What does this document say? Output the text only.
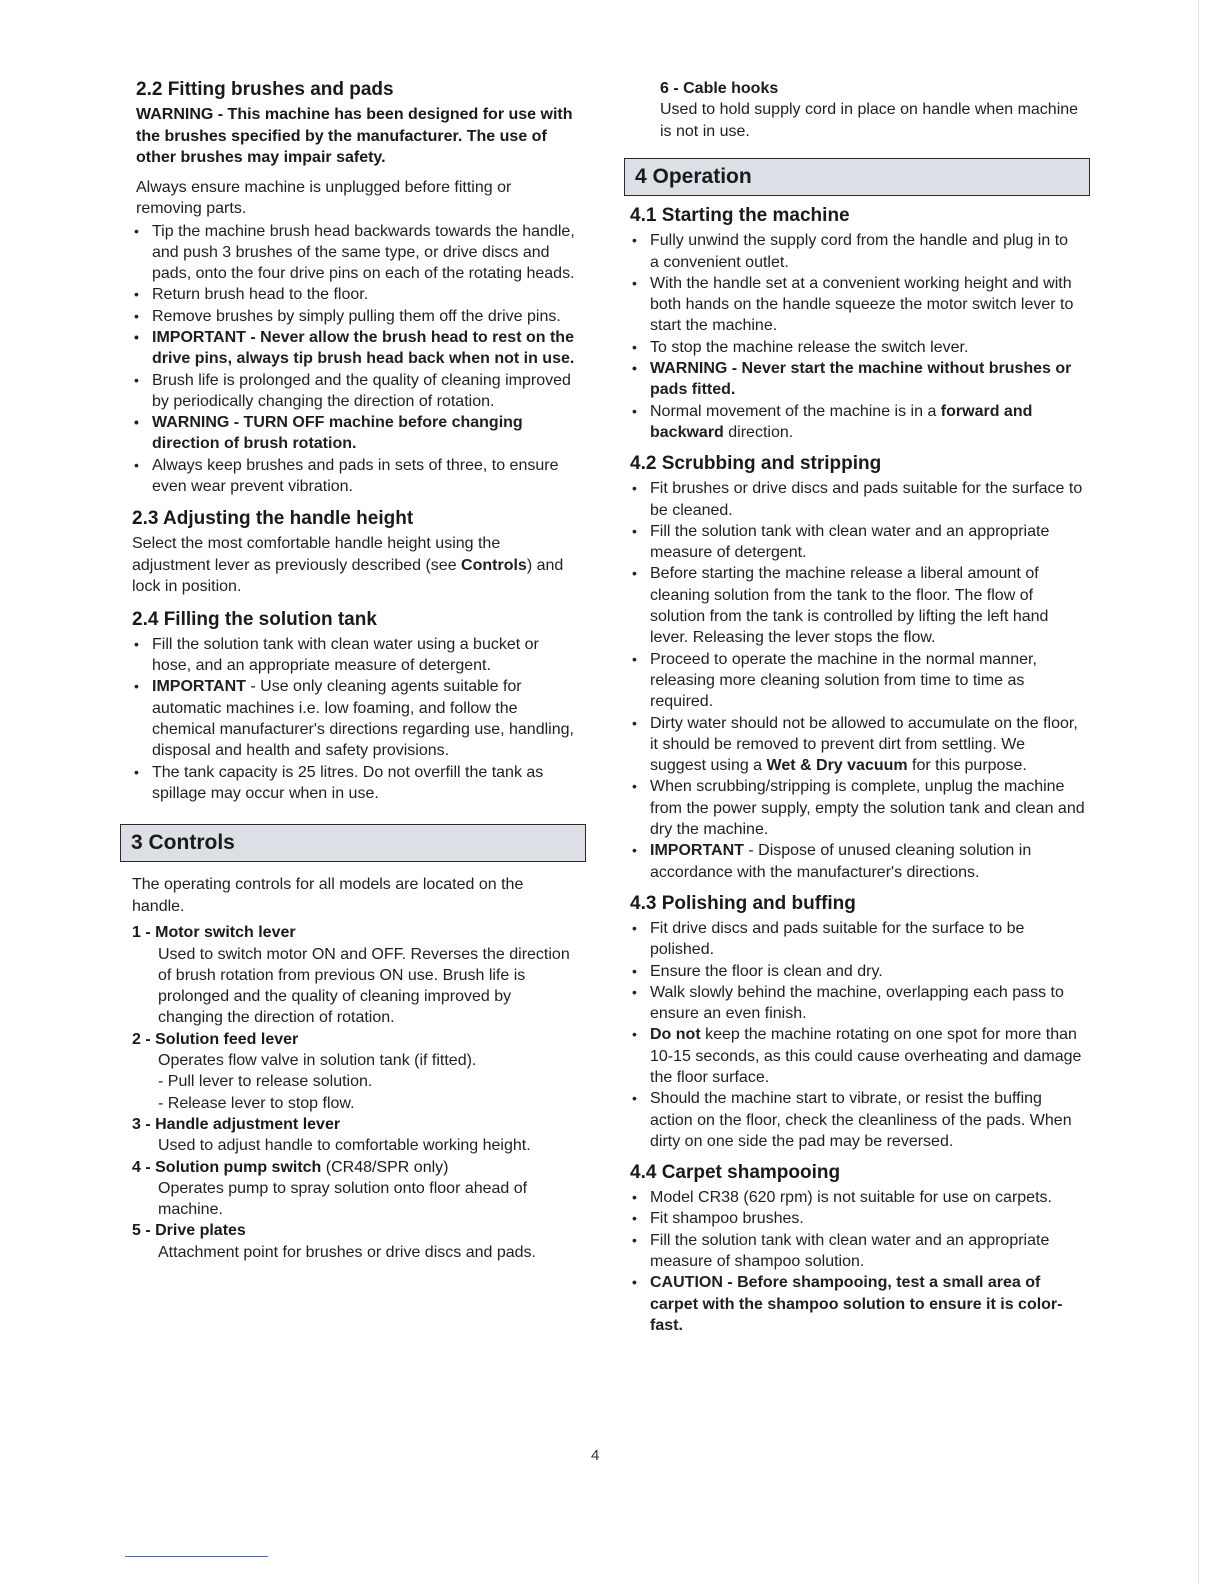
2.2 Fitting brushes and pads
WARNING - This machine has been designed for use with the brushes specified by the manufacturer. The use of other brushes may impair safety.
Always ensure machine is unplugged before fitting or removing parts.
• Tip the machine brush head backwards towards the handle, and push 3 brushes of the same type, or drive discs and pads, onto the four drive pins on each of the rotating heads.
• Return brush head to the floor.
• Remove brushes by simply pulling them off the drive pins.
• IMPORTANT - Never allow the brush head to rest on the drive pins, always tip brush head back when not in use.
• Brush life is prolonged and the quality of cleaning improved by periodically changing the direction of rotation.
• WARNING - TURN OFF machine before changing direction of brush rotation.
• Always keep brushes and pads in sets of three, to ensure even wear prevent vibration.
2.3 Adjusting the handle height
Select the most comfortable handle height using the adjustment lever as previously described (see Controls) and lock in position.
2.4 Filling the solution tank
• Fill the solution tank with clean water using a bucket or hose, and an appropriate measure of detergent.
• IMPORTANT - Use only cleaning agents suitable for automatic machines i.e. low foaming, and follow the chemical manufacturer's directions regarding use, handling, disposal and health and safety provisions.
• The tank capacity is 25 litres. Do not overfill the tank as spillage may occur when in use.
3 Controls
The operating controls for all models are located on the handle.
1 - Motor switch lever
Used to switch motor ON and OFF. Reverses the direction of brush rotation from previous ON use. Brush life is prolonged and the quality of cleaning improved by changing the direction of rotation.
2 - Solution feed lever
Operates flow valve in solution tank (if fitted).
- Pull lever to release solution.
- Release lever to stop flow.
3 - Handle adjustment lever
Used to adjust handle to comfortable working height.
4 - Solution pump switch (CR48/SPR only)
Operates pump to spray solution onto floor ahead of machine.
5 - Drive plates
Attachment point for brushes or drive discs and pads.
6 - Cable hooks
Used to hold supply cord in place on handle when machine is not in use.
4 Operation
4.1 Starting the machine
• Fully unwind the supply cord from the handle and plug in to a convenient outlet.
• With the handle set at a convenient working height and with both hands on the handle squeeze the motor switch lever to start the machine.
• To stop the machine release the switch lever.
• WARNING - Never start the machine without brushes or pads fitted.
• Normal movement of the machine is in a forward and backward direction.
4.2 Scrubbing and stripping
• Fit brushes or drive discs and pads suitable for the surface to be cleaned.
• Fill the solution tank with clean water and an appropriate measure of detergent.
• Before starting the machine release a liberal amount of cleaning solution from the tank to the floor. The flow of solution from the tank is controlled by lifting the left hand lever. Releasing the lever stops the flow.
• Proceed to operate the machine in the normal manner, releasing more cleaning solution from time to time as required.
• Dirty water should not be allowed to accumulate on the floor, it should be removed to prevent dirt from settling. We suggest using a Wet & Dry vacuum for this purpose.
• When scrubbing/stripping is complete, unplug the machine from the power supply, empty the solution tank and clean and dry the machine.
• IMPORTANT - Dispose of unused cleaning solution in accordance with the manufacturer's directions.
4.3 Polishing and buffing
• Fit drive discs and pads suitable for the surface to be polished.
• Ensure the floor is clean and dry.
• Walk slowly behind the machine, overlapping each pass to ensure an even finish.
• Do not keep the machine rotating on one spot for more than 10-15 seconds, as this could cause overheating and damage the floor surface.
• Should the machine start to vibrate, or resist the buffing action on the floor, check the cleanliness of the pads. When dirty on one side the pad may be reversed.
4.4 Carpet shampooing
• Model CR38 (620 rpm) is not suitable for use on carpets.
• Fit shampoo brushes.
• Fill the solution tank with clean water and an appropriate measure of shampoo solution.
• CAUTION - Before shampooing, test a small area of carpet with the shampoo solution to ensure it is color-fast.
4
